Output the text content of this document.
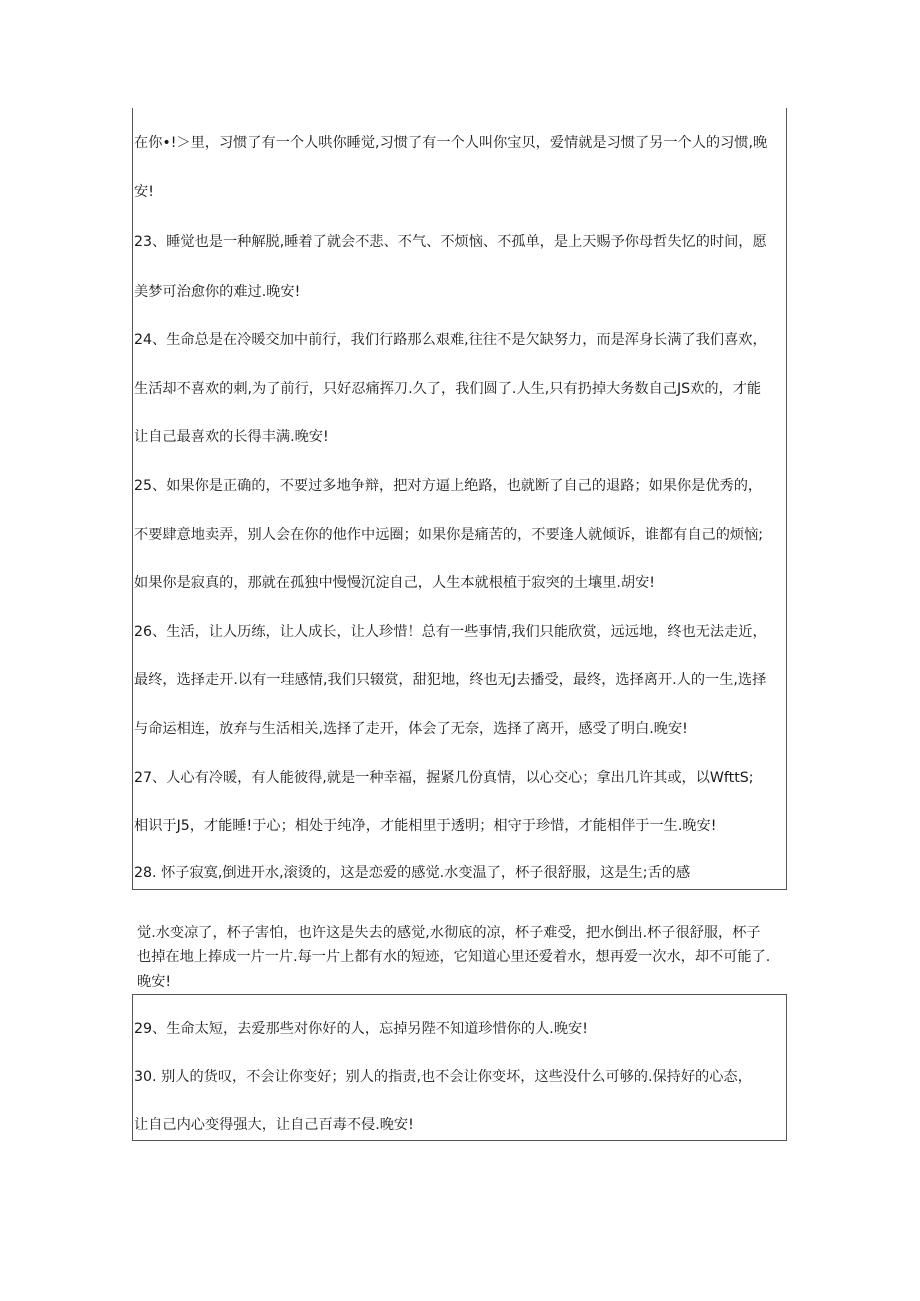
在你•!＞里，习惯了有一个人哄你睡觉,习惯了有一个人叫你宝贝，爱情就是习惯了另一个人的习惯,晚
安!
23、睡觉也是一种解脱,睡着了就会不悲、不气、不烦恼、不孤单，是上天赐予你母哲失忆的时间，愿
美梦可治愈你的难过.晚安!
24、生命总是在冷暖交加中前行，我们行路那么艰难,往往不是欠缺努力，而是浑身长满了我们喜欢，
生活却不喜欢的刺,为了前行，只好忍痛挥刀.久了，我们圆了.人生,只有扔掉大务数自己JS欢的，才能
让自己最喜欢的长得丰满.晚安!
25、如果你是正确的，不要过多地争辩，把对方逼上绝路，也就断了自己的退路；如果你是优秀的，
不要肆意地卖弄，别人会在你的他作中远圈；如果你是痛苦的，不要逢人就倾诉，谁都有自己的烦恼;
如果你是寂真的，那就在孤独中慢慢沉淀自己，人生本就根植于寂突的土壤里.胡安!
26、生活，让人历练，让人成长，让人珍惜！总有一些事情,我们只能欣赏，远远地，终也无法走近，
最终，选择走开.以有一珪感情,我们只辍赏，甜犯地，终也无J去播受，最终，选择离开.人的一生,选择
与命运相连，放弃与生活相关,选择了走开，体会了无奈，选择了离开，感受了明白.晚安!
27、人心有冷暖，有人能彼得,就是一种幸福，握紧几份真情，以心交心；拿出几许其或，以WfttS;
相识于J5，才能睡!于心；相处于纯净，才能相里于透明；相守于珍惜，才能相伴于一生.晚安!
28. 怀子寂寞,倒进开水,滚烫的，这是恋爱的感觉.水变温了，杯子很舒服，这是生;舌的感
觉.水变凉了，杯子害怕，也许这是失去的感觉,水彻底的凉，杯子难受，把水倒出.杯子很舒服，杯子
也掉在地上捧成一片一片.每一片上都有水的短迹，它知道心里还爱着水，想再爱一次水，却不可能了.
晚安!
29、生命太短，去爱那些对你好的人，忘掉另陛不知道珍惜你的人.晚安!
30. 别人的货叹，不会让你变好；别人的指责,也不会让你变坏，这些没什么可够的.保持好的心态，
让自己内心变得强大，让自己百毒不侵.晚安!
